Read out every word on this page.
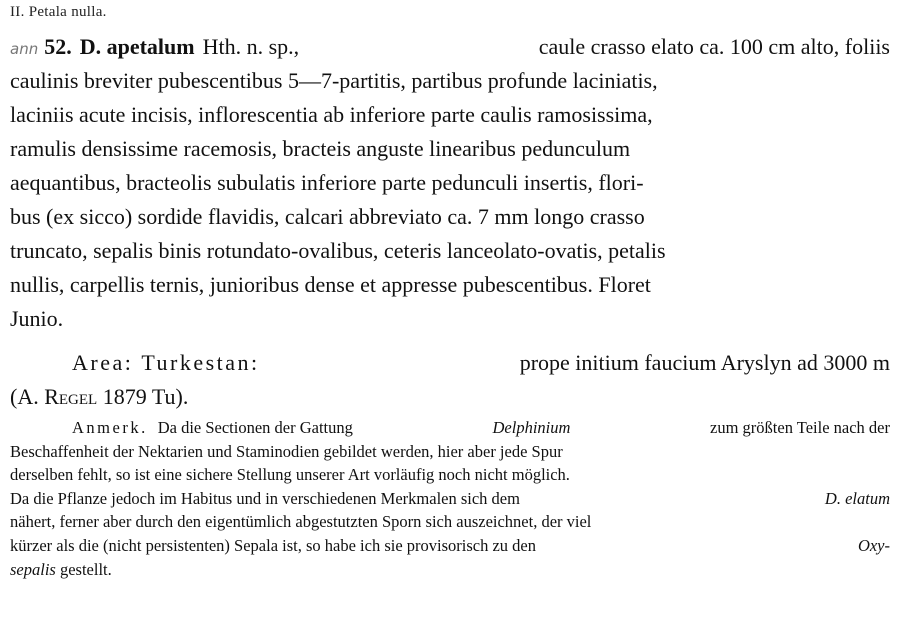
II. Petala nulla.
ann 52. D. apetalum Hth. n. sp.,	caule crasso elato ca. 100 cm alto, foliis
caulinis breviter pubescentibus 5—7-partitis, partibus profunde laciniatis,
laciniis acute incisis, inflorescentia ab inferiore parte caulis ramosissima,
ramulis densissime racemosis, bracteis anguste linearibus pedunculum
aequantibus, bracteolis subulatis inferiore parte pedunculi insertis, flori-
bus (ex sicco) sordide flavidis, calcari abbreviato ca. 7 mm longo crasso
truncato, sepalis binis rotundato-ovalibus, ceteris lanceolato-ovatis, petalis
nullis, carpellis ternis, junioribus dense et appresse pubescentibus. Floret
Junio.
Area: Turkestan:	prope initium faucium Aryslyn ad 3000 m
(A.
Regel
1879 Tu).
Anmerk. Da die Sectionen der Gattung	Delphinium	zum größten Teile nach der
Beschaffenheit der Nektarien und Staminodien gebildet werden, hier aber jede Spur
derselben fehlt, so ist eine sichere Stellung unserer Art vorläufig noch nicht möglich.
Da die Pflanze jedoch im Habitus und in verschiedenen Merkmalen sich dem	D. elatum
nähert, ferner aber durch den eigentümlich abgestutzten Sporn sich auszeichnet, der viel
kürzer als die (nicht persistenten) Sepala ist, so habe ich sie provisorisch zu den	Oxy-
sepalis
gestellt.
